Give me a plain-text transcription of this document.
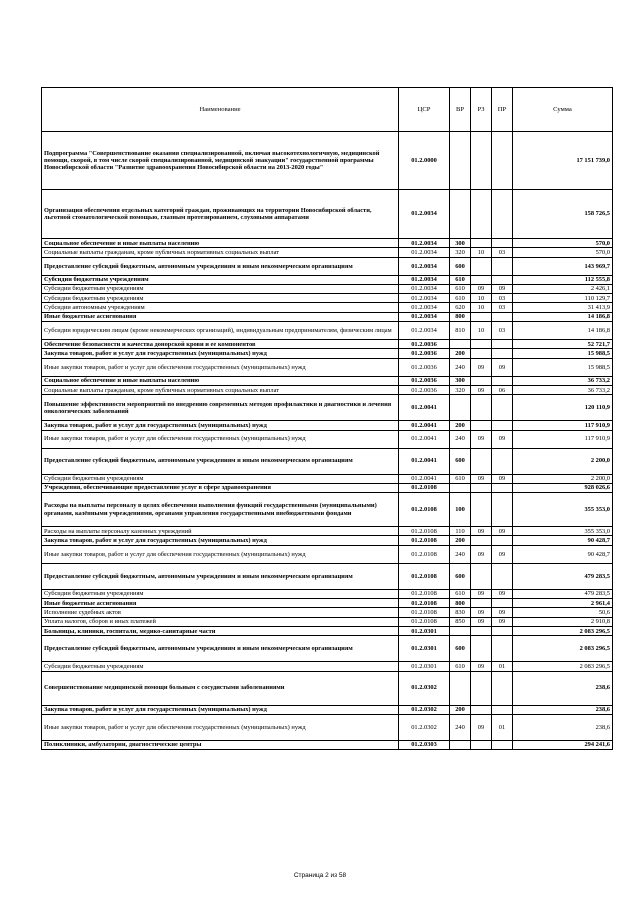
Наименование	ЦСР	ВР	РЗ	ПР	Сумма
Подпрограмма "Совершенствование оказания специализированной, включая высокотехнологичную, медицинской помощи, скорой, в том числе скорой специализированной, медицинской эвакуации" государственной программы Новосибирской области "Развитие здравоохранения Новосибирской области на 2013-2020 годы"	01.2.0000				17 151 739,0
Организация обеспечения отдельных категорий граждан, проживающих на территории Новосибирской области, льготной стоматологической помощью, глазным протезированием, слуховыми аппаратами	01.2.0034				158 726,5
Социальное обеспечение и иные выплаты населению	01.2.0034	300			570,0
Социальные выплаты гражданам, кроме публичных нормативных социальных выплат	01.2.0034	320	10	03	570,0
Предоставление субсидий бюджетным, автономным учреждениям и иным некоммерческим организациям	01.2.0034	600			143 969,7
Субсидии бюджетным учреждениям	01.2.0034	610			112 555,8
Субсидии бюджетным учреждениям	01.2.0034	610	09	09	2 426,1
Субсидии бюджетным учреждениям	01.2.0034	610	10	03	110 129,7
Субсидии автономным учреждениям	01.2.0034	620	10	03	31 413,9
Иные бюджетные ассигнования	01.2.0034	800			14 186,8
Субсидии юридическим лицам (кроме некоммерческих организаций), индивидуальным предпринимателям, физическим лицам	01.2.0034	810	10	03	14 186,8
Обеспечение безопасности и качества донорской крови и ее компонентов	01.2.0036				52 721,7
Закупка товаров, работ и услуг для государственных (муниципальных) нужд	01.2.0036	200			15 988,5
Иные закупки товаров, работ и услуг для обеспечения государственных (муниципальных) нужд	01.2.0036	240	09	09	15 988,5
Социальное обеспечение и иные выплаты населению	01.2.0036	300			36 733,2
Социальные выплаты гражданам, кроме публичных нормативных социальных выплат	01.2.0036	320	09	06	36 733,2
Повышение эффективности мероприятий по внедрению современных методов профилактики и диагностики и лечения онкологических заболеваний	01.2.0041				120 110,9
Закупка товаров, работ и услуг для государственных (муниципальных) нужд	01.2.0041	200			117 910,9
Иные закупки товаров, работ и услуг для обеспечения государственных (муниципальных) нужд	01.2.0041	240	09	09	117 910,9
Предоставление субсидий бюджетным, автономным учреждениям и иным некоммерческим организациям	01.2.0041	600			2 200,0
Субсидии бюджетным учреждениям	01.2.0041	610	09	09	2 200,0
Учреждения, обеспечивающие предоставление услуг в сфере здравоохранения	01.2.0108				928 026,6
Расходы на выплаты персоналу в целях обеспечения выполнения функций государственными (муниципальными) органами, казёнными учреждениями, органами управления государственными внебюджетными фондами	01.2.0108	100			355 353,0
Расходы на выплаты персоналу казенных учреждений	01.2.0108	110	09	09	355 353,0
Закупка товаров, работ и услуг для государственных (муниципальных) нужд	01.2.0108	200			90 428,7
Иные закупки товаров, работ и услуг для обеспечения государственных (муниципальных) нужд	01.2.0108	240	09	09	90 428,7
Предоставление субсидий бюджетным, автономным учреждениям и иным некоммерческим организациям	01.2.0108	600			479 283,5
Субсидии бюджетным учреждениям	01.2.0108	610	09	09	479 283,5
Иные бюджетные ассигнования	01.2.0108	800			2 961,4
Исполнение судебных актов	01.2.0108	830	09	09	50,6
Уплата налогов, сборов и иных платежей	01.2.0108	850	09	09	2 910,8
Больницы, клиники, госпитали, медико-санитарные части	01.2.0301				2 083 296,5
Предоставление субсидий бюджетным, автономным учреждениям и иным некоммерческим организациям	01.2.0301	600			2 083 296,5
Субсидии бюджетным учреждениям	01.2.0301	610	09	01	2 083 296,5
Совершенствование медицинской помощи больным с сосудистыми заболеваниями	01.2.0302				238,6
Закупка товаров, работ и услуг для государственных (муниципальных) нужд	01.2.0302	200			238,6
Иные закупки товаров, работ и услуг для обеспечения государственных (муниципальных) нужд	01.2.0302	240	09	01	238,6
Поликлиники, амбулатории, диагностические центры	01.2.0303				294 241,6
Страница 2 из 58
